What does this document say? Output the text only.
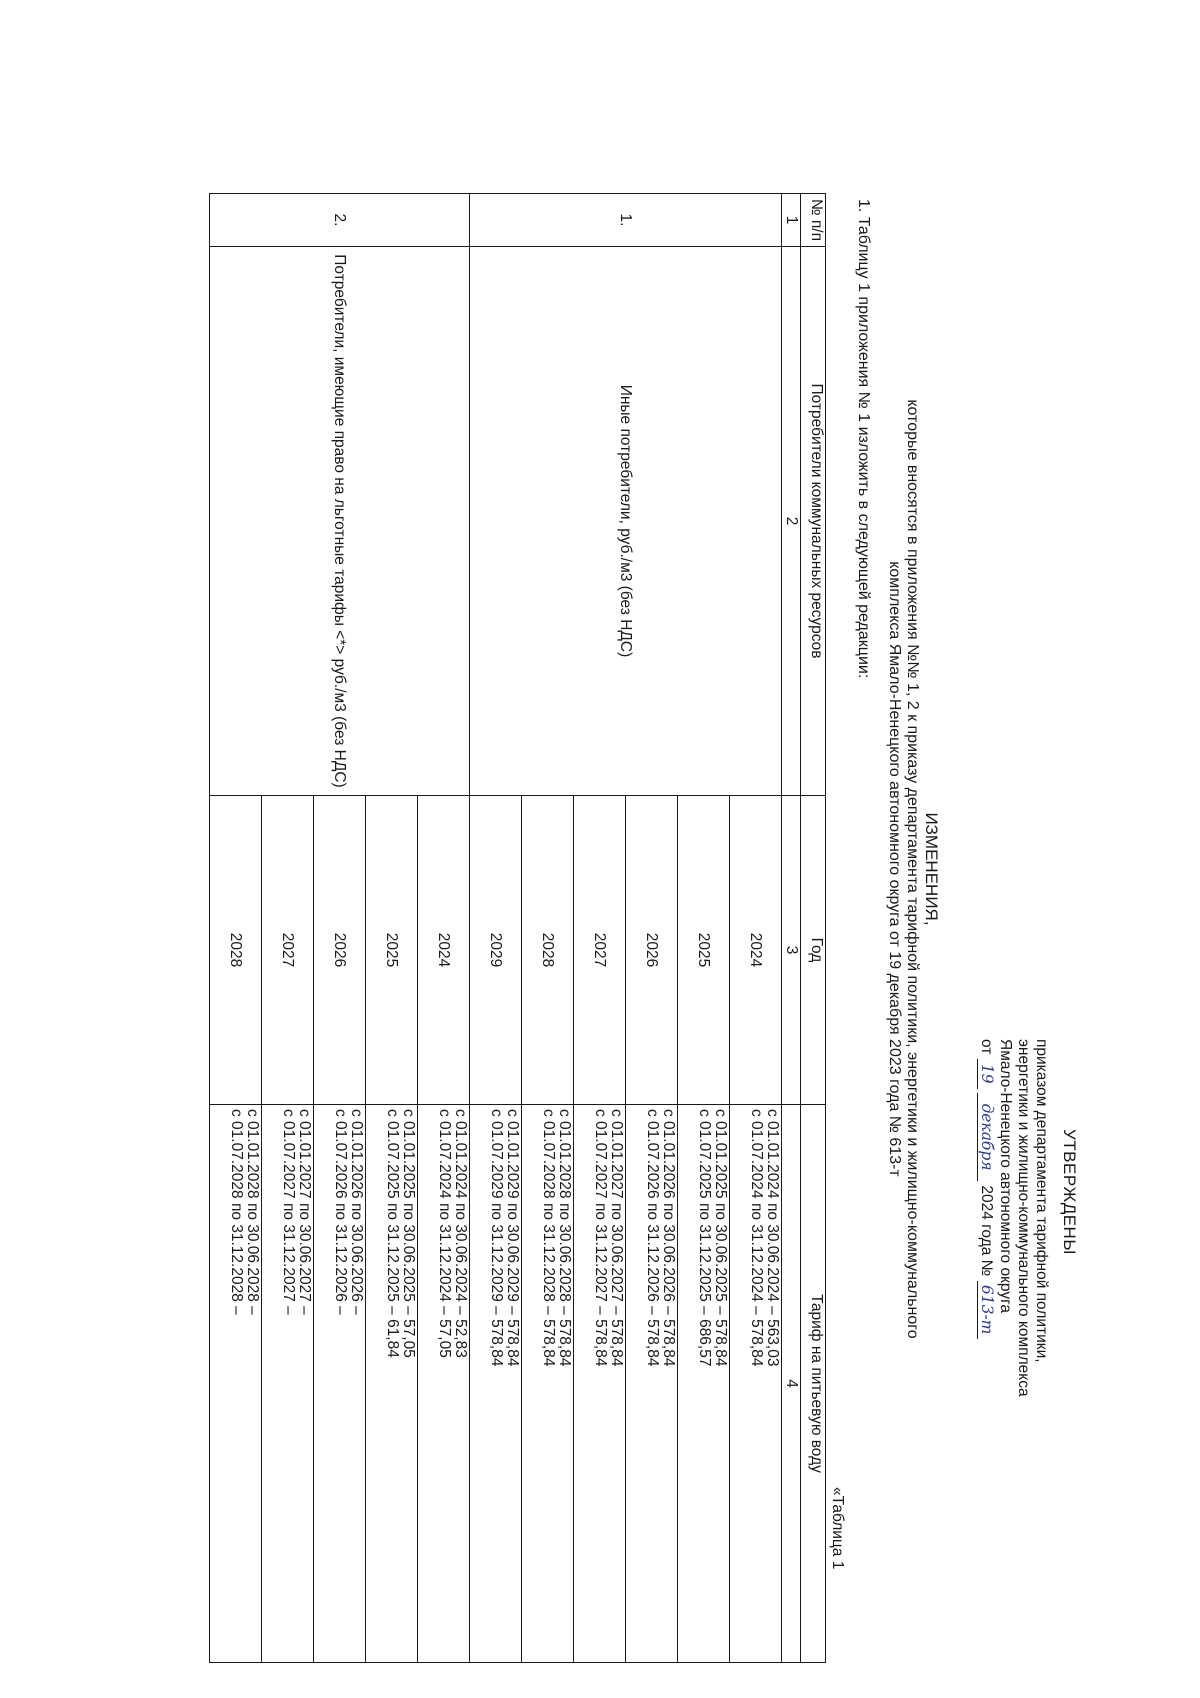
УТВЕРЖДЕНЫ
приказом департамента тарифной политики,
энергетики и жилищно-коммунального комплекса
Ямало-Ненецкого автономного округа
от 19 декабря 2024 года № 613-т
ИЗМЕНЕНИЯ,
которые вносятся в приложения №№ 1, 2 к приказу департамента тарифной политики, энергетики и жилищно-коммунального
комплекса Ямало-Ненецкого автономного округа от 19 декабря 2023 года № 613-т
1. Таблицу 1 приложения № 1 изложить в следующей редакции:
«Таблица 1
№ п/п	Потребители коммунальных ресурсов	Год	Тариф на питьевую воду
1	2	3	4
1.	Иные потребители, руб./м3 (без НДС)	2024	с 01.01.2024 по 30.06.2024 – 563,03
с 01.07.2024 по 31.12.2024 – 578,84

		2025	с 01.01.2025 по 30.06.2025 – 578,84
с 01.07.2025 по 31.12.2025 – 686,57

		2026	с 01.01.2026 по 30.06.2026 – 578,84
с 01.07.2026 по 31.12.2026 – 578,84

		2027	с 01.01.2027 по 30.06.2027 – 578,84
с 01.07.2027 по 31.12.2027 – 578,84

		2028	с 01.01.2028 по 30.06.2028 – 578,84
с 01.07.2028 по 31.12.2028 – 578,84

		2029	с 01.01.2029 по 30.06.2029 – 578,84
с 01.07.2029 по 31.12.2029 – 578,84

2.	Потребители, имеющие право на льготные тарифы <*> руб./м3 (без НДС)	2024	с 01.01.2024 по 30.06.2024 – 52,83
с 01.07.2024 по 31.12.2024 – 57,05

		2025	с 01.01.2025 по 30.06.2025 – 57,05
с 01.07.2025 по 31.12.2025 – 61,84

		2026	с 01.01.2026 по 30.06.2026 –
с 01.07.2026 по 31.12.2026 –

		2027	с 01.01.2027 по 30.06.2027 –
с 01.07.2027 по 31.12.2027 –

		2028	с 01.01.2028 по 30.06.2028 –
с 01.07.2028 по 31.12.2028 –
